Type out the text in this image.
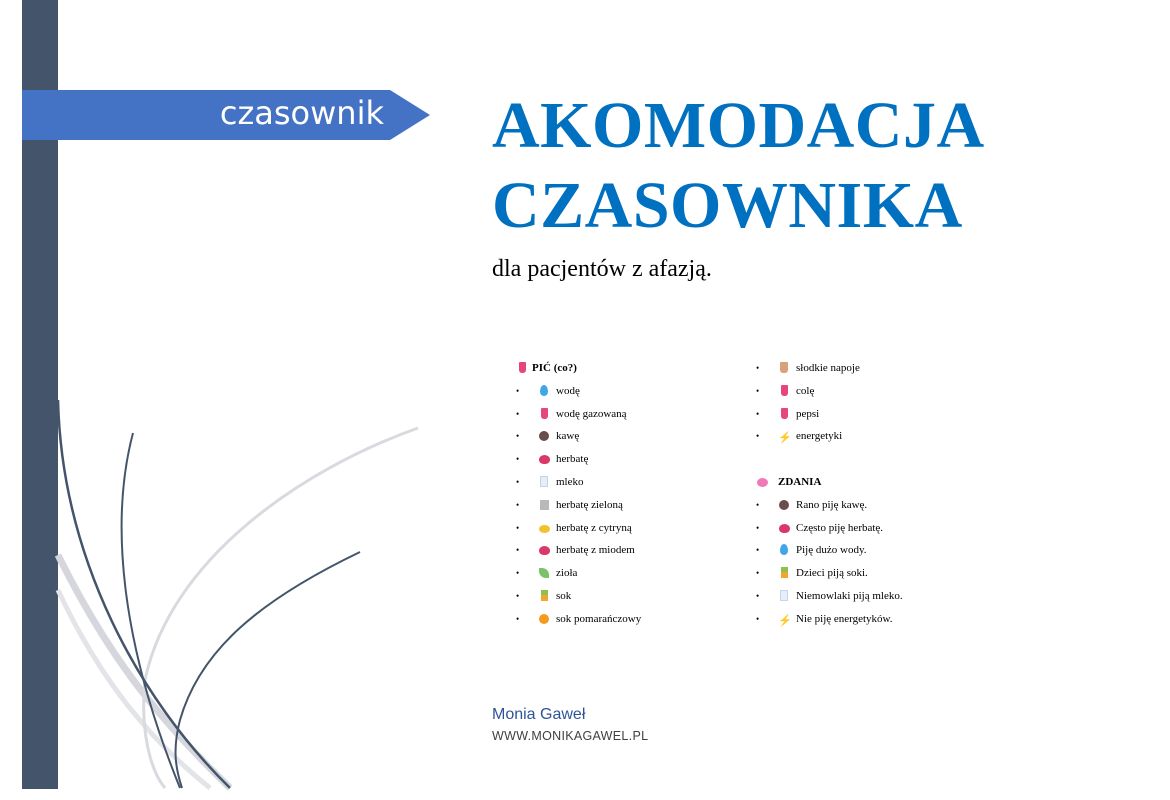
czasownik AKOMODACJA
CZASOWNIKA
dla pacjentów z afazją.
PIĆ (co?)
•	wodę
•	wodę gazowaną
•	kawę
•	herbatę
•	mleko
•	herbatę zieloną
•	herbatę z cytryną
•	herbatę z miodem
•	zioła
•	sok
•	sok pomarańczowy
•	słodkie napoje
•	colę
•	pepsi
• ⚡ energetyki
ZDANIA
•	Rano piję kawę.
•	Często piję herbatę.
•	Piję dużo wody.
•	Dzieci piją soki.
•	Niemowlaki piją mleko.
• ⚡ Nie piję energetyków.
Monia Gaweł
WWW.MONIKAGAWEL.PL
